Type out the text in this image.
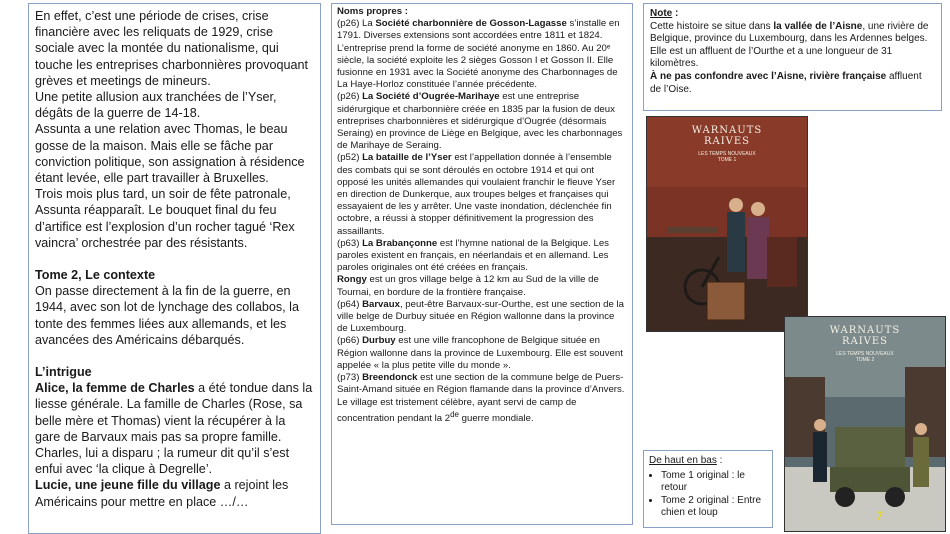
En effet, c’est une période de crises, crise financière avec les reliquats de 1929, crise sociale avec la montée du nationalisme, qui touche les entreprises charbonnières provoquant grèves et meetings de mineurs.

Une petite allusion aux tranchées de l’Yser, dégâts de la guerre de 14-18.

Assunta a une relation avec Thomas, le beau gosse de la maison. Mais elle se fâche par conviction politique, son assignation à résidence étant levée, elle part travailler à Bruxelles.

Trois mois plus tard, un soir de fête patronale, Assunta réapparaît. Le bouquet final du feu d’artifice est l’explosion d’un rocher tagué ‘Rex vaincra’ orchestrée par des résistants.

Tome 2, Le contexte

On passe directement à la fin de la guerre, en 1944, avec son lot de lynchage des collabos, la tonte des femmes liées aux allemands, et les avancées des Américains débarqués.

L’intrigue

Alice, la femme de Charles a été tondue dans la liesse générale. La famille de Charles (Rose, sa belle mère et Thomas) vient la récupérer à la gare de Barvaux mais pas sa propre famille.

Charles, lui a disparu ; la rumeur dit qu’il s’est enfui avec ‘la clique à Degrelle’.

Lucie, une jeune fille du village a rejoint les Américains pour mettre en place …/…

Noms propres :

(p26) La Société charbonnière de Gosson-Lagasse s’installe en 1791. Diverses extensions sont accordées entre 1811 et 1824. L’entreprise prend la forme de société anonyme en 1860. Au 20ᵉ siècle, la société exploite les 2 sièges Gosson I et Gosson II. Elle fusionne en 1931 avec la Société anonyme des Charbonnages de La Haye-Horloz constituée l’année précédente.

(p26) La Société d’Ougrée-Marihaye est une entreprise sidérurgique et charbonnière créée en 1835 par la fusion de deux entreprises charbonnières et sidérurgique d’Ougrée (désormais Seraing) en province de Liège en Belgique, avec les charbonnages de Marihaye de Seraing.

(p52) La bataille de l’Yser est l’appellation donnée à l’ensemble des combats qui se sont déroulés en octobre 1914 et qui ont opposé les unités allemandes qui voulaient franchir le fleuve Yser en direction de Dunkerque, aux troupes belges et françaises qui essayaient de les y arrêter. Une vaste inondation, déclenchée fin octobre, a réussi à stopper définitivement la progression des assaillants.

(p63) La Brabançonne est l’hymne national de la Belgique. Les paroles existent en français, en néerlandais et en allemand. Les paroles originales ont été créées en français.

Rongy est un gros village belge à 12 km au Sud de la ville de Tournai, en bordure de la frontière française.

(p64) Barvaux, peut-être Barvaux-sur-Ourthe, est une section de la ville belge de Durbuy située en Région wallonne dans la province de Luxembourg.

(p66) Durbuy est une ville francophone de Belgique située en Région wallonne dans la province de Luxembourg. Elle est souvent appelée « la plus petite ville du monde ».

(p73) Breendonck est une section de la commune belge de Puers-Saint-Amand située en Région flamande dans la province d’Anvers. Le village est tristement célèbre, ayant servi de camp de concentration pendant la 2de guerre mondiale.

Note :

Cette histoire se situe dans la vallée de l’Aisne, une rivière de Belgique, province du Luxembourg, dans les Ardennes belges. Elle est un affluent de l’Ourthe et a une longueur de 31 kilomètres.

À ne pas confondre avec l’Aisne, rivière française affluent de l’Oise.

WARNAUTS
RAIVES
LES TEMPS NOUVEAUX
TOME 1
WARNAUTS
RAIVES
LES TEMPS NOUVEAUX
TOME 2
7
De haut en bas :
• Tome 1 original : le retour
• Tome 2 original : Entre chien et loup
